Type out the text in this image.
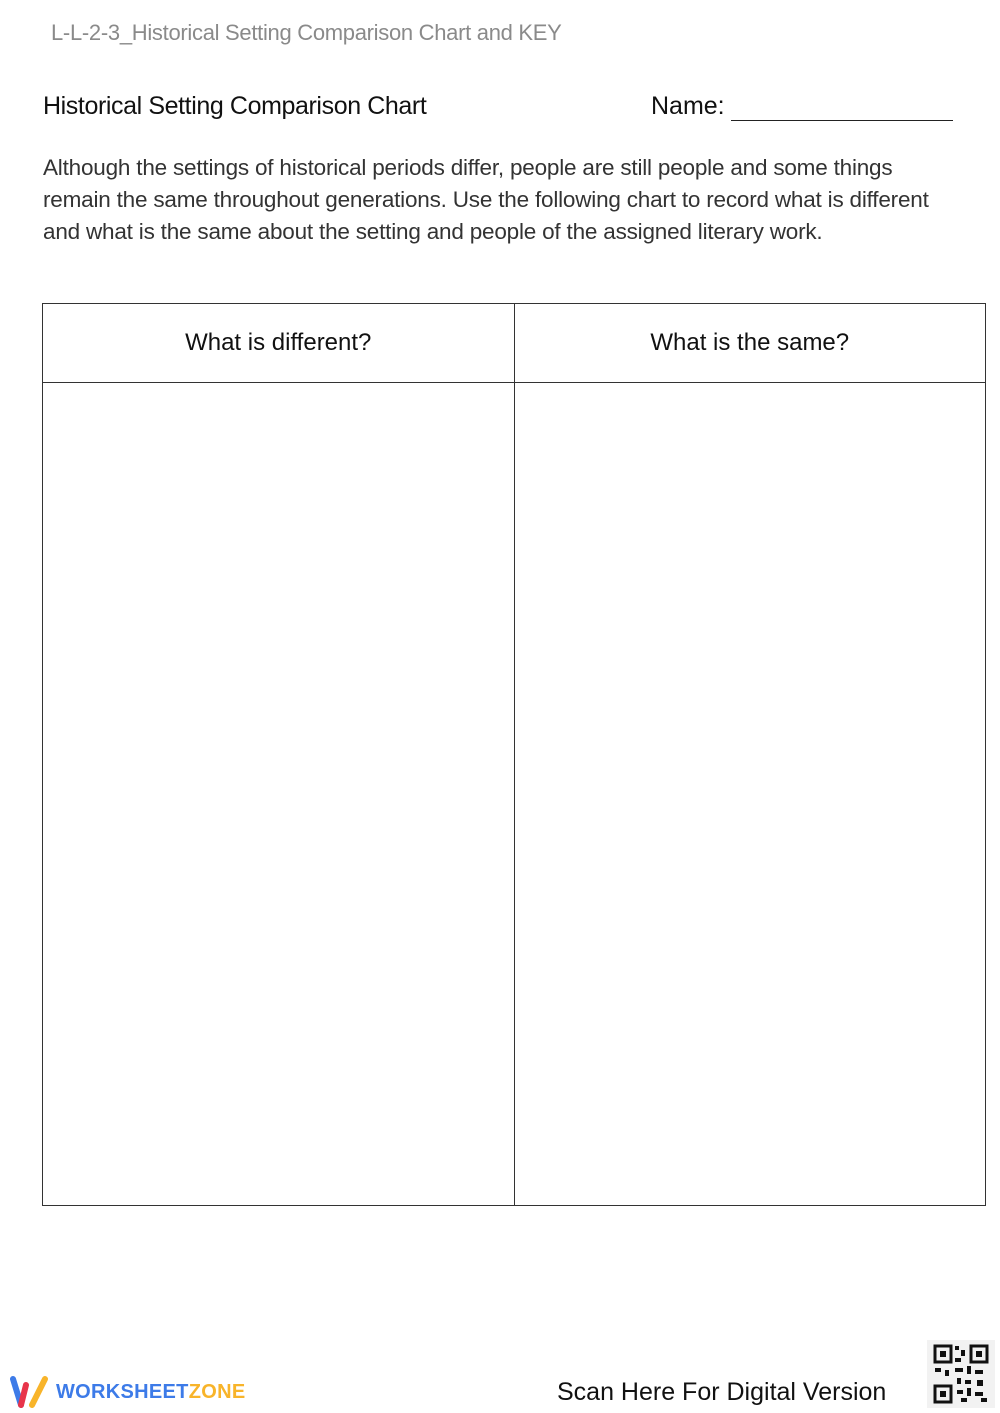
L-L-2-3_Historical Setting Comparison Chart and KEY
Historical Setting Comparison Chart	Name:
Although the settings of historical periods differ, people are still people and some things remain the same throughout generations. Use the following chart to record what is different and what is the same about the setting and people of the assigned literary work.
What is different?	What is the same?

WORKSHEETZONE	Scan Here For Digital Version
